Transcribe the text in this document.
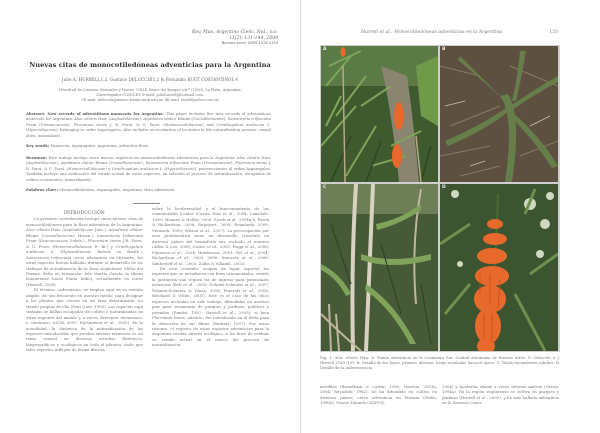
Rev. Mus. Argentino Cienc. Nat., n.s.
11(2): 131-144, 2009
Buenos Aires, ISSN 1514-5158
Nuevas citas de monocotiledóneas adventicias para la Argentina
Julio A. HURRELL1,2, Gustavo DELUCCHI1,2 & Fernando BUET COSTANTINO1,4
1Facultad de Ciencias Naturales y Museo, UNLP, Paseo del Bosque s/n.º (1900), La Plata, Argentina.
2Investigador CONICET. E-mail: juliohurrell@hotmail.com.
3E-mail: delucchi@museo.fcnym.unlp.edu.ar. 4E-mail: buetf@yahoo.com.ar
Abstract: New records of adventitious monocots for Argentina. This paper includes five new records of adventitious monocots for Argentina: Aloe ciliaris Haw. (Asphodelaceae), Aspidistra elatior Blume (Convallariaceae), Sansevieria trifasciata Prain (Dracaenaceae), Phormium tenax J. R. Forst. & G. Forst. (Hemerocallidaceae) and Ornithogalum arabicum L. (Hyacinthaceae), belonging to order Asparagales. Also includes an evaluation of its status in the naturalization process: casual alien, naturalized.
Key words: Monocots, Asparagales, Argentina, adventive flora.
Resumen: Este trabajo incluye cinco nuevos registros de monocotiledóneas adventicias para la Argentina: Aloe ciliaris Haw. (Asphodelaceae), Aspidistra elatior Blume (Convallariaceae), Sansevieria trifasciata Prain (Dracaenaceae), Phormium tenax J. R. Forst. & G. Forst. (Hemerocallidaceae) y Ornithogalum arabicum L. (Hyacinthaceae), pertenecientes al orden Asparagales. También incluye una evaluación del estado actual de estas especies, en relación al proceso de naturalización: escapadas de cultivo ocasionales, naturalizadas.
Palabras clave: Monocotiledóneas, Asparagales, Argentina, flora adventicia.

INTRODUCCIÓN

La presente contribución incluye cinco nuevas citas de monocotiledóneas para la flora adventicia de la Argentina: Aloe ciliaris Haw. (Asphodelaceae Juss.), Aspidistra elatior Blume (Convallariaceae Horan.), Sansevieria trifasciata Prain (Dracaenaceae Salisb.), Phormium tenax J.R. Forst. & G. Forst. (Hemerocallidaceae R. Br.) y Ornithogalum arabicum L. (Hyacinthaceae Batsch ex Borkh.). Sansevieria trifasciata crece adventicia en Misiones; las otras especies fueron halladas durante el desarrollo de los trabajos de actualización de la flora rioplatense (delta del Paraná, delta en formación, Isla Martín García, la ribera bonaerense hasta Punta Indio), actualmente en curso (Hurrell, 2008).

El término «adventicia» se emplea aquí en su sentido amplio, de uso frecuente en nuestro medio, para designar a las plantas que crecen en un área determinada, no siendo propias de ella (Font Quer, 1993). Las especies aquí tratadas se hallan escapadas de cultivo o naturalizadas en otras regiones del mundo y, a veces, devienen «invasoras» o «malezas» (GCW, 2007; Richardson et al., 2000). En la actualidad, la dinámica de la naturalización de las especies introducidas que pueden devenir invasoras es un tema central en diversos estudios florísticos, biogeográficos y ecológicos en todo el planeta, dado que tales especies influyen de forma directa

sobre la biodiversidad y el funcionamiento de las comunidades locales (Castro Díez et al., 2004; Lonsdale, 1999; Mooney & Hobbs, 2000; Pysek et al., 2004a,b; Pysek & Richardson, 2006; Rapoport, 2000; Rejmánek, 2000; Vitousek, 1993; Wilson et al., 2007). La preocupación por esta problemática tiene un desarrollo creciente en diversos países del hemisferio sur, incluido el nuestro (Allen & Lee, 2006; Castro et al., 2005; Faggi et al., 2006; Figueroa et al., 2004; Henderson, 2001; Nel et al., 2004; Richardson et al., 2005, 2006; Saracela et al., 2006; Simberloff et al., 2005; Zalba & Villamil, 2002).

En este contexto, ocupan un lugar especial las especies que se introducen con fines ornamentales, siendo la jardinería una segura vía de ingreso para potenciales invasoras (Bell et al., 2003; Dehnen-Schmutz et al., 2007; Dehnen-Schmutz & Touza, 2008; Foxcroft et al., 2008; Reichard & White, 2001). Este es el caso de las cinco especies incluidas en este trabajo, difundidas en nuestro país para ornamento de parques y jardines, públicos y privados (Dimitri, 1987; Hurrell et al., 2005); si bien Phormium tenax, además, fue introducida en el delta para la obtención de sus fibras (Burkart, 1957). Por estas razones, el registro de estas especies adventicias para la Argentina reviste interés ecológico, a los fines de evaluar su estado actual en el marco del proceso de naturalización.

Hurrell et al.: Monocotiledóneas adventicias en la Argentina	135
A	B
C	D
Fig. 1. Aloe ciliaris Haw. A. Planta adventicia en la Costanera Sur, Ciudad Autónoma de Buenos Aires, G. Delucchi & J. Hurrell 2180 (LP). B. Detalle de las hojas, primero dísticas, luego rosuladas hacia el ápice. C. Tallos escandentes adultos. D. Detalle de la inflorescencia.
xerófilas (Brandham & Carter, 1990; Newton, 2001a, 2004; Reynolds, 1982). Se ha difundido en cultivo en diversos países, crece adventicia en Francia (Webb, 1980a), Nueva Zelanda (NZPCN,
2004) y Australia, donde a veces deviene maleza (Green, 1994a). En la región rioplatense se cultiva en parques y jardines (Hurrell et al., 2005), y ha sido hallada adventicia en la Reserva Costa-
